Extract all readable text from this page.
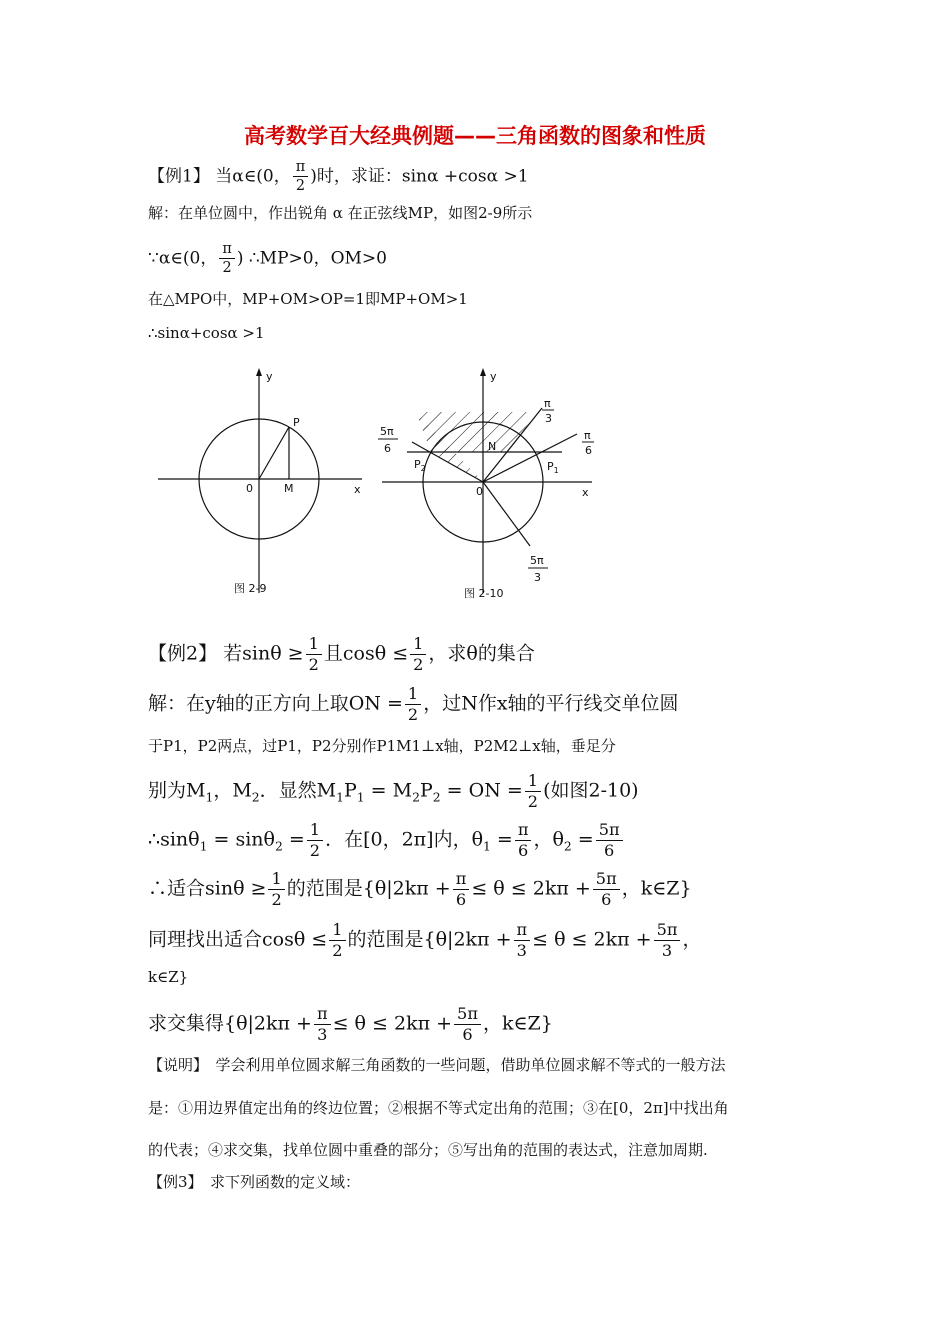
高考数学百大经典例题——三角函数的图象和性质
【例1】 当α∈(0， $\frac{\pi}{2}$ )时，求证：sinα +cosα >1
解：在单位圆中，作出锐角 α 在正弦线MP，如图2-9所示
∵α∈(0， $\frac{\pi}{2}$ ) ∴MP>0，OM>0
在△MPO中，MP+OM>OP=1即MP+OM>1
∴sinα+cosα >1
y
x
0
P
M
图 2-9
y
x
0
N
$P_1$
$P_2$
π
3
π
6
5π
6
5π
3
图 2-10
【例2】 若$\sin\theta \ge \frac{1}{2}$ 且$\cos\theta \le \frac{1}{2}$ ，求θ的集合
解：在y轴的正方向上取ON = $\frac{1}{2}$ ，过N作x轴的平行线交单位圆
于P1，P2两点，过P1，P2分别作P1M1⊥x轴，P2M2⊥x轴，垂足分
别为$M_1$，$M_2$．显然$M_1P_1 = M_2P_2$ = ON = $\frac{1}{2}$ (如图2-10)
∴sinθ$_1$ = $\sin\theta_2 = \frac{1}{2}$ ．在[0，2π]内，$\theta_1 = \frac{\pi}{6}$ ，$\theta_2 = \frac{5\pi}{6}$
∴适合$\sin\theta \ge \frac{1}{2}$ 的范围是{$\theta|2k\pi + \frac{\pi}{6} \le \theta \le 2k\pi + \frac{5\pi}{6}$ ，k∈Z}
同理找出适合$\cos\theta \le \frac{1}{2}$ 的范围是{$\theta|2k\pi + \frac{\pi}{3} \le \theta \le 2k\pi + \frac{5\pi}{3}$ ，
k∈Z}
求交集得{$\theta|2k\pi + \frac{\pi}{3} \le \theta \le 2k\pi + \frac{5\pi}{6}$ ，k∈Z}
【说明】　学会利用单位圆求解三角函数的一些问题，借助单位圆求解不等式的一般方法
是：①用边界值定出角的终边位置；②根据不等式定出角的范围；③在[0，2π]中找出角
的代表；④求交集，找单位圆中重叠的部分；⑤写出角的范围的表达式，注意加周期.
【例3】　求下列函数的定义域：
